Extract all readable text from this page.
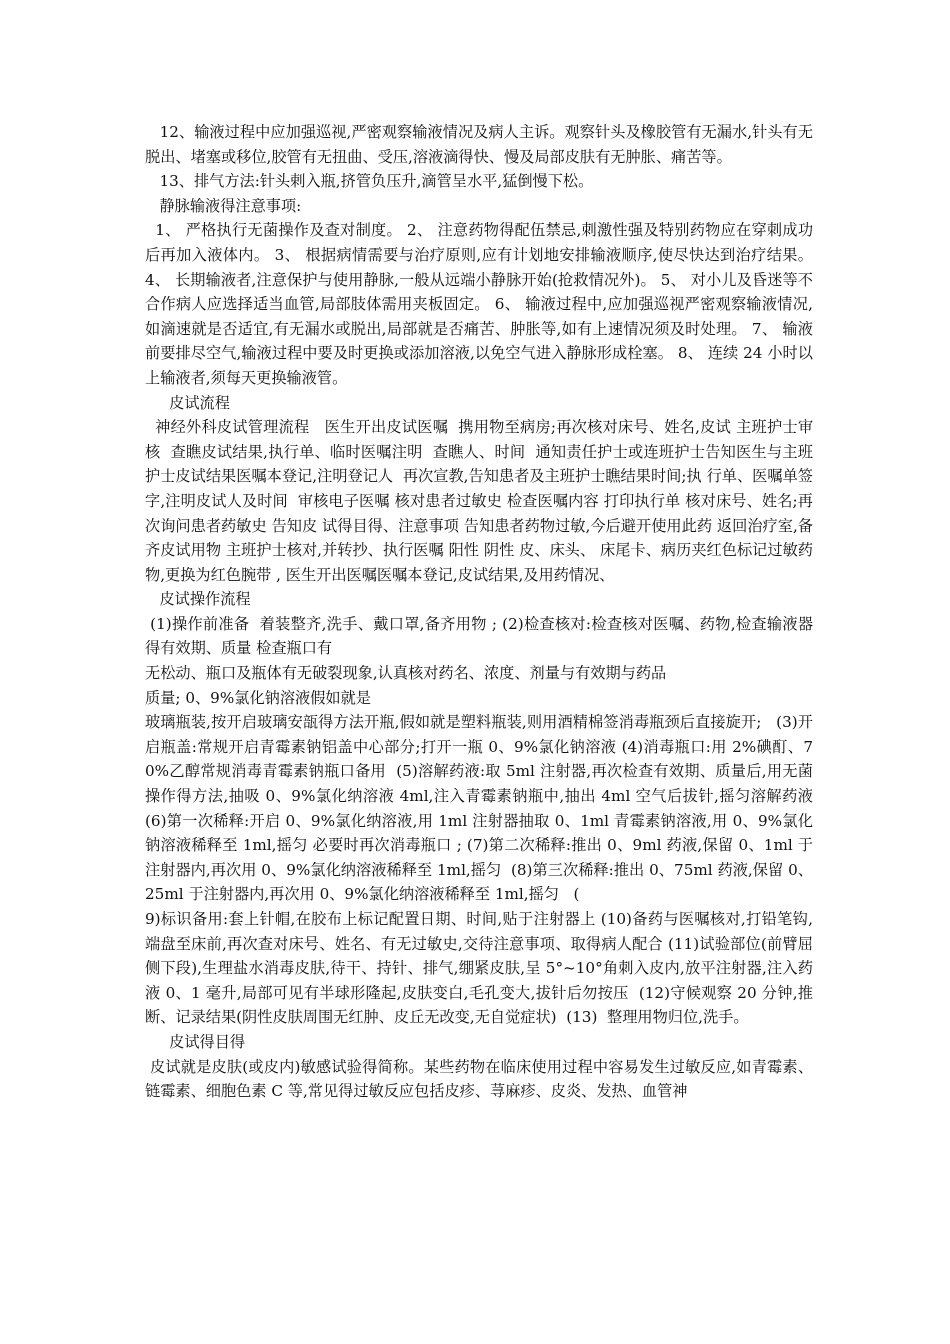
12、输液过程中应加强巡视,严密观察输液情况及病人主诉。观察针头及橡胶管有无漏水,针头有无脱出、堵塞或移位,胶管有无扭曲、受压,溶液滴得快、慢及局部皮肤有无肿胀、痛苦等。

13、排气方法:针头剌入瓶,挤管负压升,滴管呈水平,猛倒慢下松。

静脉输液得注意事项:

1、 严格执行无菌操作及查对制度。 2、 注意药物得配伍禁忌,刺激性强及特别药物应在穿刺成功后再加入液体内。 3、 根据病情需要与治疗原则,应有计划地安排输液顺序,使尽快达到治疗结果。 4、 长期输液者,注意保护与使用静脉,一般从远端小静脉开始(抢救情况外)。 5、 对小儿及昏迷等不合作病人应选择适当血管,局部肢体需用夹板固定。 6、 输液过程中,应加强巡视严密观察输液情况,如滴速就是否适宜,有无漏水或脱出,局部就是否痛苦、肿胀等,如有上速情况须及时处理。 7、 输液前要排尽空气,输液过程中要及时更换或添加溶液,以免空气进入静脉形成栓塞。 8、 连续 24 小时以上输液者,须每天更换输液管。

皮试流程

神经外科皮试管理流程   医生开出皮试医嘱  携用物至病房;再次核对床号、姓名,皮试 主班护士审核  查瞧皮试结果,执行单、临时医嘱注明  查瞧人、时间  通知责任护士或连班护士告知医生与主班护士皮试结果医嘱本登记,注明登记人  再次宣教,告知患者及主班护士瞧结果时间;执 行单、医嘱单签字,注明皮试人及时间  审核电子医嘱 核对患者过敏史 检查医嘱内容 打印执行单 核对床号、姓名;再次询问患者药敏史 告知皮 试得目得、注意事项 告知患者药物过敏,今后避开使用此药 返回治疗室,备齐皮试用物 主班护士核对,并转抄、执行医嘱 阳性 阴性 皮、床头、 床尾卡、病历夹红色标记过敏药物,更换为红色腕带 , 医生开出医嘱医嘱本登记,皮试结果,及用药情况、

皮试操作流程

(1)操作前准备  着装整齐,洗手、戴口罩,备齐用物 ; (2)检查核对:检查核对医嘱、药物,检查输液器得有效期、质量 检查瓶口有

无松动、瓶口及瓶体有无破裂现象,认真核对药名、浓度、剂量与有效期与药品

质量; 0、9%氯化钠溶液假如就是

玻璃瓶装,按开启玻璃安瓿得方法开瓶,假如就是塑料瓶装,则用酒精棉签消毒瓶颈后直接旋开;   (3)开启瓶盖:常规开启青霉素钠铝盖中心部分;打开一瓶 0、9%氯化钠溶液 (4)消毒瓶口:用 2%碘酊、70%乙醇常规消毒青霉素钠瓶口备用  (5)溶解药液:取 5ml 注射器,再次检查有效期、质量后,用无菌操作得方法,抽吸 0、9%氯化纳溶液 4ml,注入青霉素钠瓶中,抽出 4ml 空气后拔针,摇匀溶解药液   (6)第一次稀释:开启 0、9%氯化纳溶液,用 1ml 注射器抽取 0、1ml 青霉素钠溶液,用 0、9%氯化钠溶液稀释至 1ml,摇匀 必要时再次消毒瓶口 ; (7)第二次稀释:推出 0、9ml 药液,保留 0、1ml 于注射器内,再次用 0、9%氯化纳溶液稀释至 1ml,摇匀  (8)第三次稀释:推出 0、75ml 药液,保留 0、25ml 于注射器内,再次用 0、9%氯化纳溶液稀释至 1ml,摇匀   (

9)标识备用:套上针帽,在胶布上标记配置日期、时间,贴于注射器上 (10)备药与医嘱核对,打铅笔钩,端盘至床前,再次查对床号、姓名、有无过敏史,交待注意事项、取得病人配合 (11)试验部位(前臂屈侧下段),生理盐水消毒皮肤,待干、持针、排气,绷紧皮肤,呈 5°~10°角刺入皮内,放平注射器,注入药液 0、1 毫升,局部可见有半球形隆起,皮肤变白,毛孔变大,拔针后勿按压  (12)守候观察 20 分钟,推断、记录结果(阴性皮肤周围无红肿、皮丘无改变,无自觉症状)  (13)  整理用物归位,洗手。

皮试得目得

皮试就是皮肤(或皮内)敏感试验得简称。某些药物在临床使用过程中容易发生过敏反应,如青霉素、链霉素、细胞色素 C 等,常见得过敏反应包括皮疹、荨麻疹、皮炎、发热、血管神
